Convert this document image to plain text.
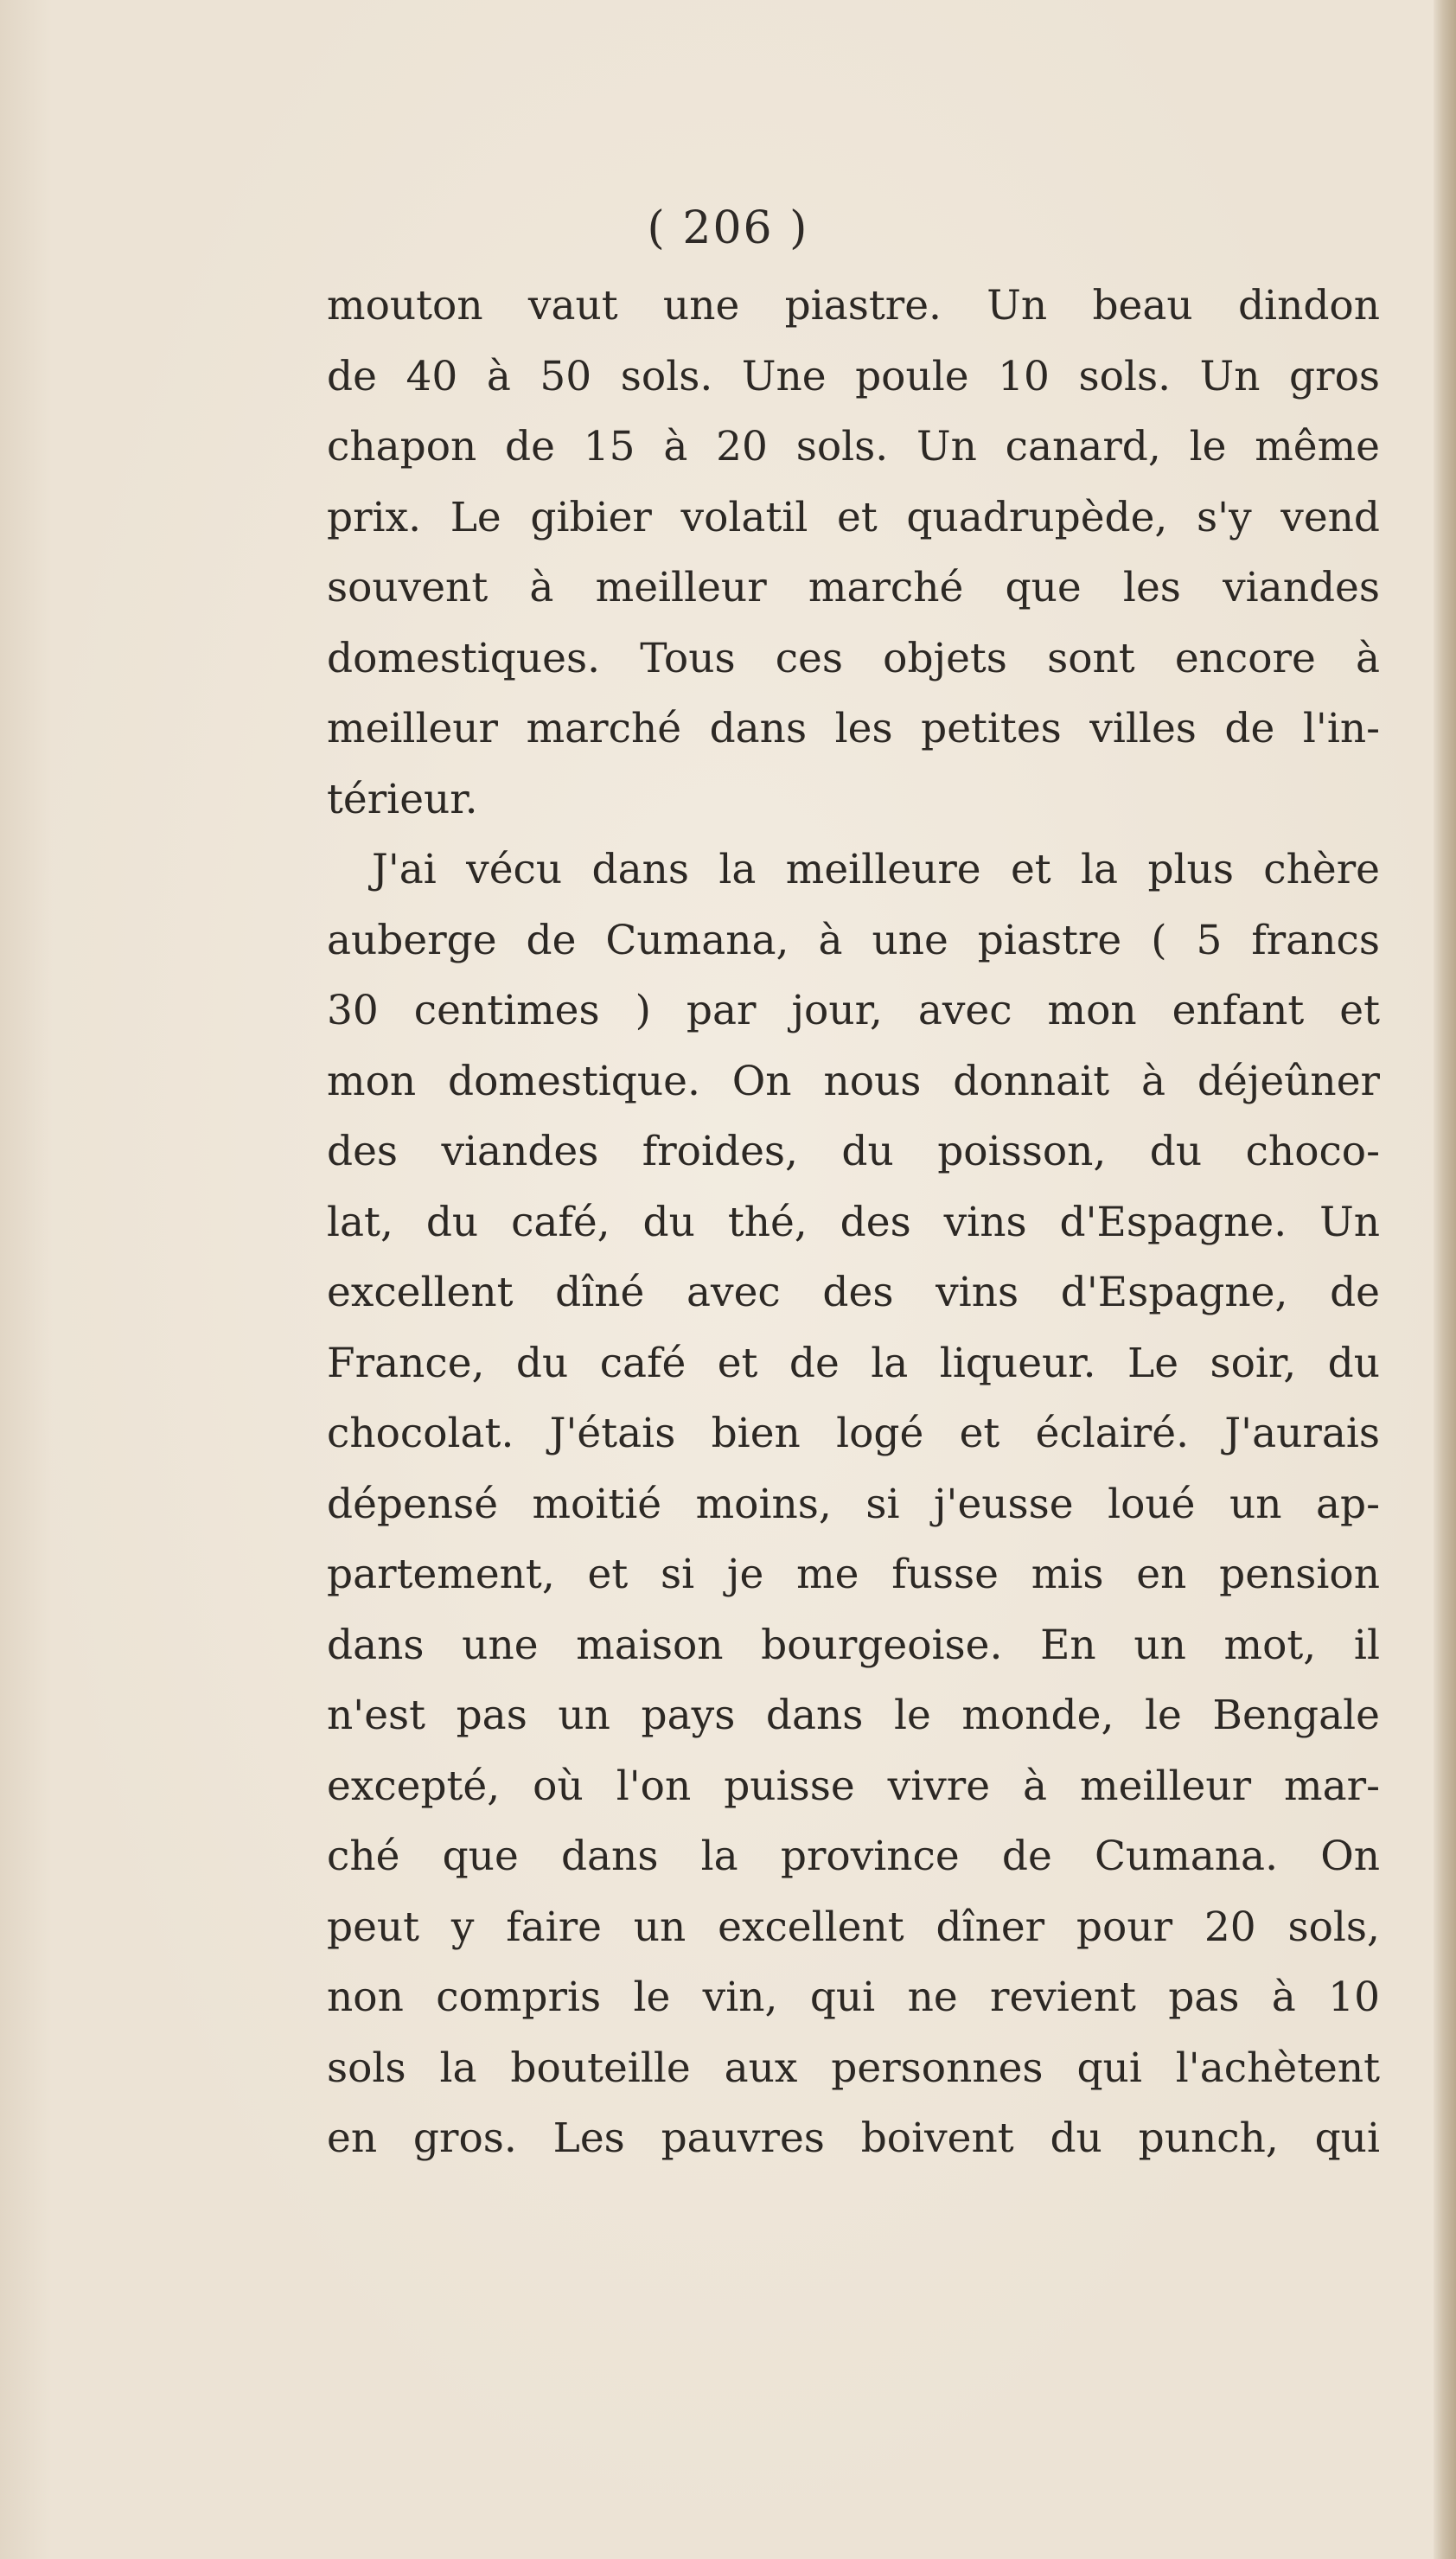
( 206 )
mouton vaut une piastre. Un beau dindon
de 40 à 50 sols. Une poule 10 sols. Un gros
chapon de 15 à 20 sols. Un canard, le même
prix. Le gibier volatil et quadrupède, s'y vend
souvent à meilleur marché que les viandes
domestiques. Tous ces objets sont encore à
meilleur marché dans les petites villes de l'in-
térieur.
J'ai vécu dans la meilleure et la plus chère
auberge de Cumana, à une piastre ( 5 francs
30 centimes ) par jour, avec mon enfant et
mon domestique. On nous donnait à déjeûner
des viandes froides, du poisson, du choco-
lat, du café, du thé, des vins d'Espagne. Un
excellent dîné avec des vins d'Espagne, de
France, du café et de la liqueur. Le soir, du
chocolat. J'étais bien logé et éclairé. J'aurais
dépensé moitié moins, si j'eusse loué un ap-
partement, et si je me fusse mis en pension
dans une maison bourgeoise. En un mot, il
n'est pas un pays dans le monde, le Bengale
excepté, où l'on puisse vivre à meilleur mar-
ché que dans la province de Cumana. On
peut y faire un excellent dîner pour 20 sols,
non compris le vin, qui ne revient pas à 10
sols la bouteille aux personnes qui l'achètent
en gros. Les pauvres boivent du punch, qui
